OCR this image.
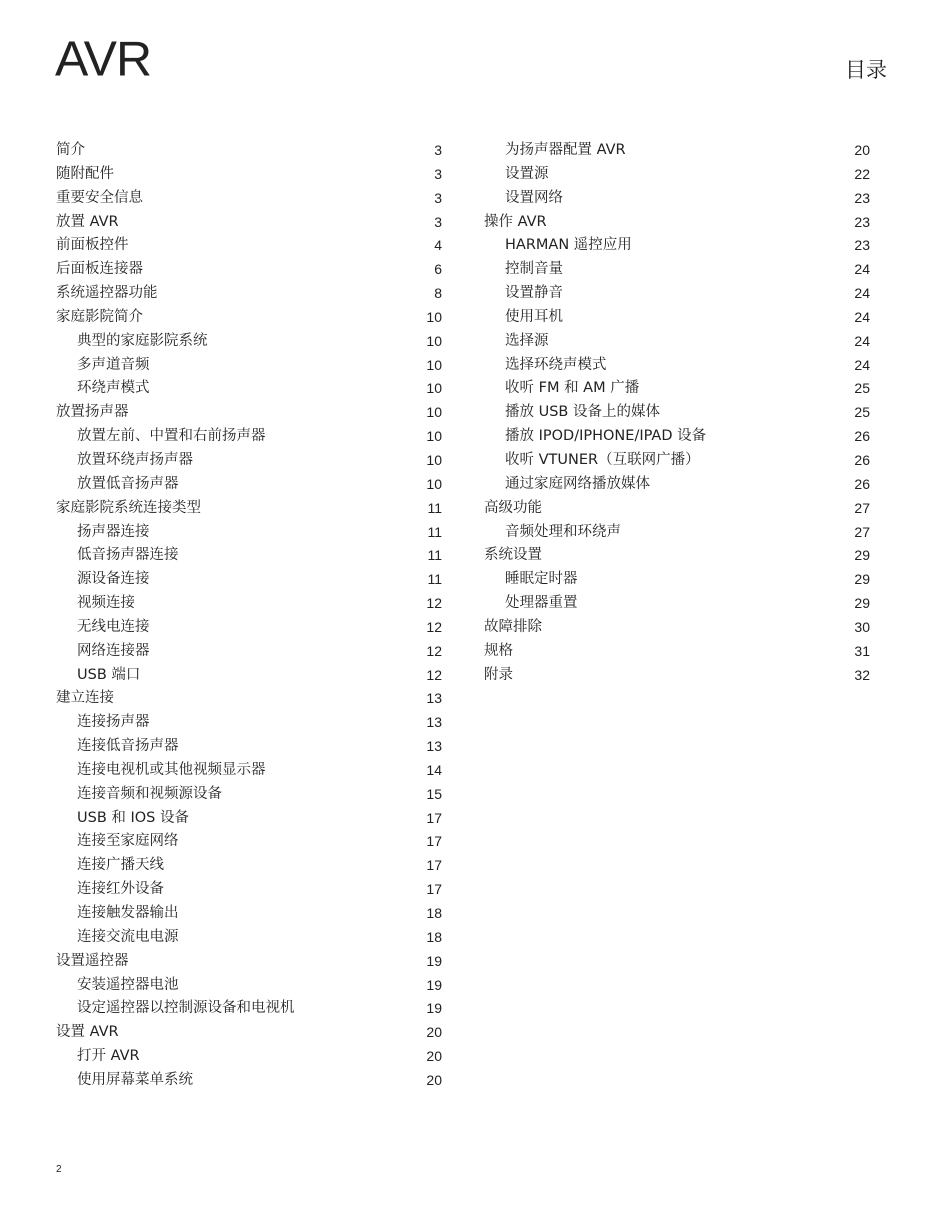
AVR	目录
简介	3
随附配件	3
重要安全信息	3
放置 AVR	3
前面板控件	4
后面板连接器	6
系统遥控器功能	8
家庭影院简介	10
典型的家庭影院系统	10
多声道音频	10
环绕声模式	10
放置扬声器	10
放置左前、中置和右前扬声器	10
放置环绕声扬声器	10
放置低音扬声器	10
家庭影院系统连接类型	11
扬声器连接	11
低音扬声器连接	11
源设备连接	11
视频连接	12
无线电连接	12
网络连接器	12
USB 端口	12
建立连接	13
连接扬声器	13
连接低音扬声器	13
连接电视机或其他视频显示器	14
连接音频和视频源设备	15
USB 和 IOS 设备	17
连接至家庭网络	17
连接广播天线	17
连接红外设备	17
连接触发器输出	18
连接交流电电源	18
设置遥控器	19
安装遥控器电池	19
设定遥控器以控制源设备和电视机	19
设置 AVR	20
打开 AVR	20
使用屏幕菜单系统	20
为扬声器配置 AVR	20
设置源	22
设置网络	23
操作 AVR	23
HARMAN 遥控应用	23
控制音量	24
设置静音	24
使用耳机	24
选择源	24
选择环绕声模式	24
收听 FM 和 AM 广播	25
播放 USB 设备上的媒体	25
播放 IPOD/IPHONE/IPAD 设备	26
收听 VTUNER（互联网广播）	26
通过家庭网络播放媒体	26
高级功能	27
音频处理和环绕声	27
系统设置	29
睡眠定时器	29
处理器重置	29
故障排除	30
规格	31
附录	32
2
